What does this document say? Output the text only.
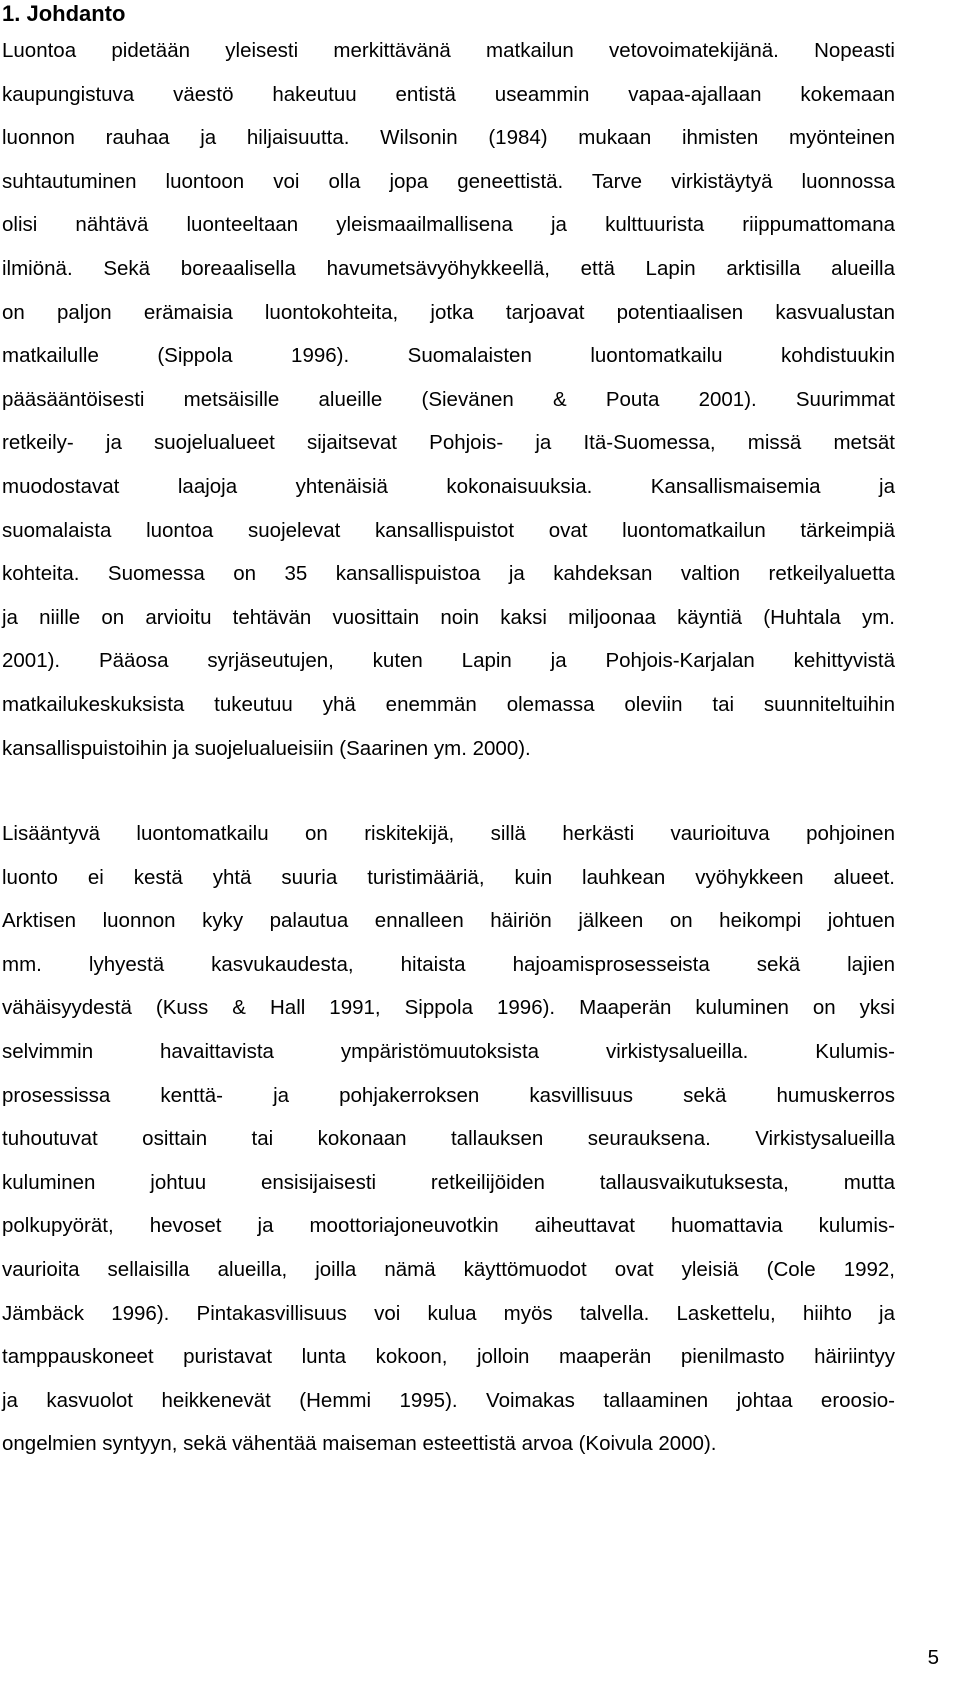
1. Johdanto
Luontoa pidetään yleisesti merkittävänä matkailun vetovoimatekijänä. Nopeasti
kaupungistuva väestö hakeutuu entistä useammin vapaa-ajallaan kokemaan
luonnon rauhaa ja hiljaisuutta. Wilsonin (1984) mukaan ihmisten myönteinen
suhtautuminen luontoon voi olla jopa geneettistä. Tarve virkistäytyä luonnossa
olisi nähtävä luonteeltaan yleismaailmallisena ja kulttuurista riippumattomana
ilmiönä. Sekä boreaalisella havumetsävyöhykkeellä, että Lapin arktisilla alueilla
on paljon erämaisia luontokohteita, jotka tarjoavat potentiaalisen kasvualustan
matkailulle (Sippola 1996). Suomalaisten luontomatkailu kohdistuukin
pääsääntöisesti metsäisille alueille (Sievänen & Pouta 2001). Suurimmat
retkeily- ja suojelualueet sijaitsevat Pohjois- ja Itä-Suomessa, missä metsät
muodostavat laajoja yhtenäisiä kokonaisuuksia. Kansallismaisemia ja
suomalaista luontoa suojelevat kansallispuistot ovat luontomatkailun tärkeimpiä
kohteita. Suomessa on 35 kansallispuistoa ja kahdeksan valtion retkeilyaluetta
ja niille on arvioitu tehtävän vuosittain noin kaksi miljoonaa käyntiä (Huhtala ym.
2001). Pääosa syrjäseutujen, kuten Lapin ja Pohjois-Karjalan kehittyvistä
matkailukeskuksista tukeutuu yhä enemmän olemassa oleviin tai suunniteltuihin
kansallispuistoihin ja suojelualueisiin (Saarinen ym. 2000).
Lisääntyvä luontomatkailu on riskitekijä, sillä herkästi vaurioituva pohjoinen
luonto ei kestä yhtä suuria turistimääriä, kuin lauhkean vyöhykkeen alueet.
Arktisen luonnon kyky palautua ennalleen häiriön jälkeen on heikompi johtuen
mm. lyhyestä kasvukaudesta, hitaista hajoamisprosesseista sekä lajien
vähäisyydestä (Kuss & Hall 1991, Sippola 1996). Maaperän kuluminen on yksi
selvimmin havaittavista ympäristömuutoksista virkistysalueilla. Kulumis-
prosessissa kenttä- ja pohjakerroksen kasvillisuus sekä humuskerros
tuhoutuvat osittain tai kokonaan tallauksen seurauksena. Virkistysalueilla
kuluminen johtuu ensisijaisesti retkeilijöiden tallausvaikutuksesta, mutta
polkupyörät, hevoset ja moottoriajoneuvotkin aiheuttavat huomattavia kulumis-
vaurioita sellaisilla alueilla, joilla nämä käyttömuodot ovat yleisiä (Cole 1992,
Jämbäck 1996). Pintakasvillisuus voi kulua myös talvella. Laskettelu, hiihto ja
tamppauskoneet puristavat lunta kokoon, jolloin maaperän pienilmasto häiriintyy
ja kasvuolot heikkenevät (Hemmi 1995). Voimakas tallaaminen johtaa eroosio-
ongelmien syntyyn, sekä vähentää maiseman esteettistä arvoa (Koivula 2000).
5
